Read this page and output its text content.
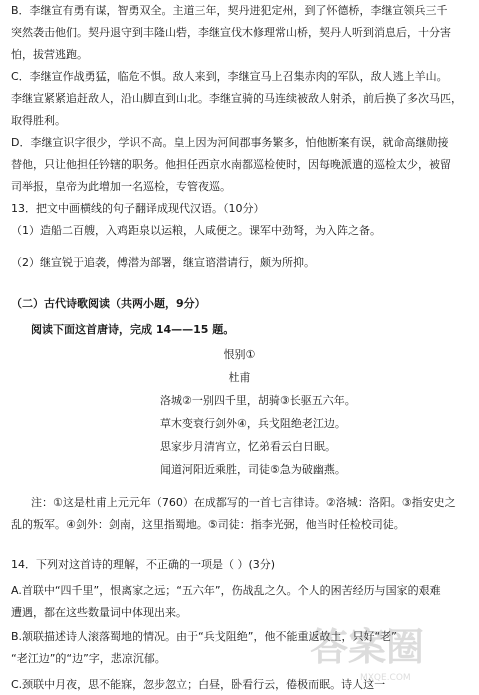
B．李继宣有勇有谋，智勇双全。主道三年，契丹进犯定州，到了怀德桥，李继宣领兵三千
突然袭击他们。契丹退守到丰隆山砦，李继宣伐木修理常山桥，契丹人听到消息后，十分害
怕，拔营逃跑。
C．李继宣作战勇猛，临危不惧。敌人来到，李继宣马上召集赤肉的军队，敌人逃上羊山。
李继宣紧紧追赶敌人，沿山脚直到山北。李继宣骑的马连续被敌人射杀，前后换了多次马匹，
取得胜利。
D．李继宣识字很少，学识不高。皇上因为河间郡事务繁多，怕他断案有误，就命高继勋接
替他，只让他担任钤辖的职务。他担任西京水南都巡检使时，因每晚派遣的巡检太少，被留
司举报，皇帝为此增加一名巡检，专管夜巡。
13．把文中画横线的句子翻译成现代汉语。（10分）
（1）造船二百艘，入鸡距泉以运粮，人咸便之。课军中劲弩，为入阵之备。
（2）继宣锐于追袭，傅潜为部署，继宣谘潜请行，颇为所抑。
（二）古代诗歌阅读（共两小题，9分）
阅读下面这首唐诗，完成 14——15 题。
恨别①
杜甫
洛城②一别四千里，胡骑③长驱五六年。
草木变衰行剑外④，兵戈阻绝老江边。
思家步月清宵立，忆弟看云白日眠。
闻道河阳近乘胜，司徒⑤急为破幽燕。
注：①这是杜甫上元元年（760）在成都写的一首七言律诗。②洛城：洛阳。③指安史之
乱的叛军。④剑外：剑南，这里指蜀地。⑤司徒：指李光弼，他当时任检校司徒。
14．下列对这首诗的理解，不正确的一项是（ ）(3分)
A.首联中“四千里”，恨离家之远；“五六年”，伤战乱之久。个人的困苦经历与国家的艰难
遭遇，都在这些数量词中体现出来。
B.颔联描述诗人滚落蜀地的情况。由于“兵戈阻绝”，他不能重返故土，只好“老”
“老江边”的“边”字，悲凉沉郁。
C.颈联中月夜，思不能寐，忽步忽立；白昼，卧看行云，倦极而眠。诗人这一
答案圈
MXQE.COM
